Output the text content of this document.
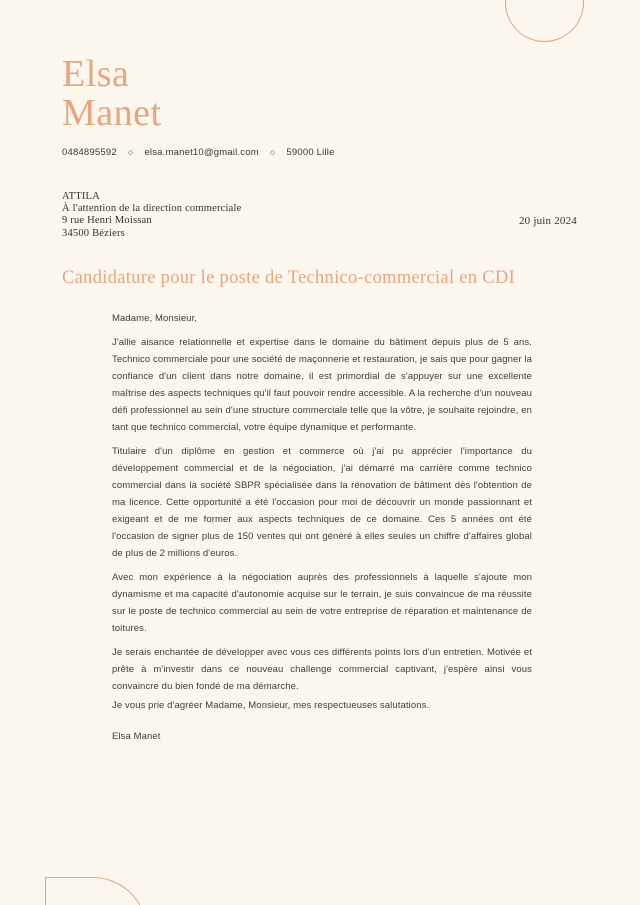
Elsa
Manet
0484895592 ◇ elsa.manet10@gmail.com ◇ 59000 Lille
ATTILA
À l'attention de la direction commerciale
9 rue Henri Moissan
34500 Béziers
20 juin 2024
Candidature pour le poste de Technico-commercial en CDI

Madame, Monsieur,

J'allie aisance relationnelle et expertise dans le domaine du bâtiment depuis plus de 5 ans. Technico commerciale pour une société de maçonnerie et restauration, je sais que pour gagner la confiance d'un client dans notre domaine, il est primordial de s'appuyer sur une excellente maîtrise des aspects techniques qu'il faut pouvoir rendre accessible. A la recherche d'un nouveau défi professionnel au sein d'une structure commerciale telle que la vôtre, je souhaite rejoindre, en tant que technico commercial, votre équipe dynamique et performante.

Titulaire d'un diplôme en gestion et commerce où j'ai pu apprécier l'importance du développement commercial et de la négociation, j'ai démarré ma carrière comme technico commercial dans la société SBPR spécialisée dans la rénovation de bâtiment dès l'obtention de ma licence. Cette opportunité a été l'occasion pour moi de découvrir un monde passionnant et exigeant et de me former aux aspects techniques de ce domaine. Ces 5 années ont été l'occasion de signer plus de 150 ventes qui ont généré à elles seules un chiffre d'affaires global de plus de 2 millions d'euros.

Avec mon expérience à la négociation auprès des professionnels à laquelle s'ajoute mon dynamisme et ma capacité d'autonomie acquise sur le terrain, je suis convaincue de ma réussite sur le poste de technico commercial au sein de votre entreprise de réparation et maintenance de toitures.

Je serais enchantée de développer avec vous ces différents points lors d'un entretien. Motivée et prête à m'investir dans ce nouveau challenge commercial captivant, j'espère ainsi vous convaincre du bien fondé de ma démarche.

Je vous prie d'agréer Madame, Monsieur, mes respectueuses salutations.

Elsa Manet
